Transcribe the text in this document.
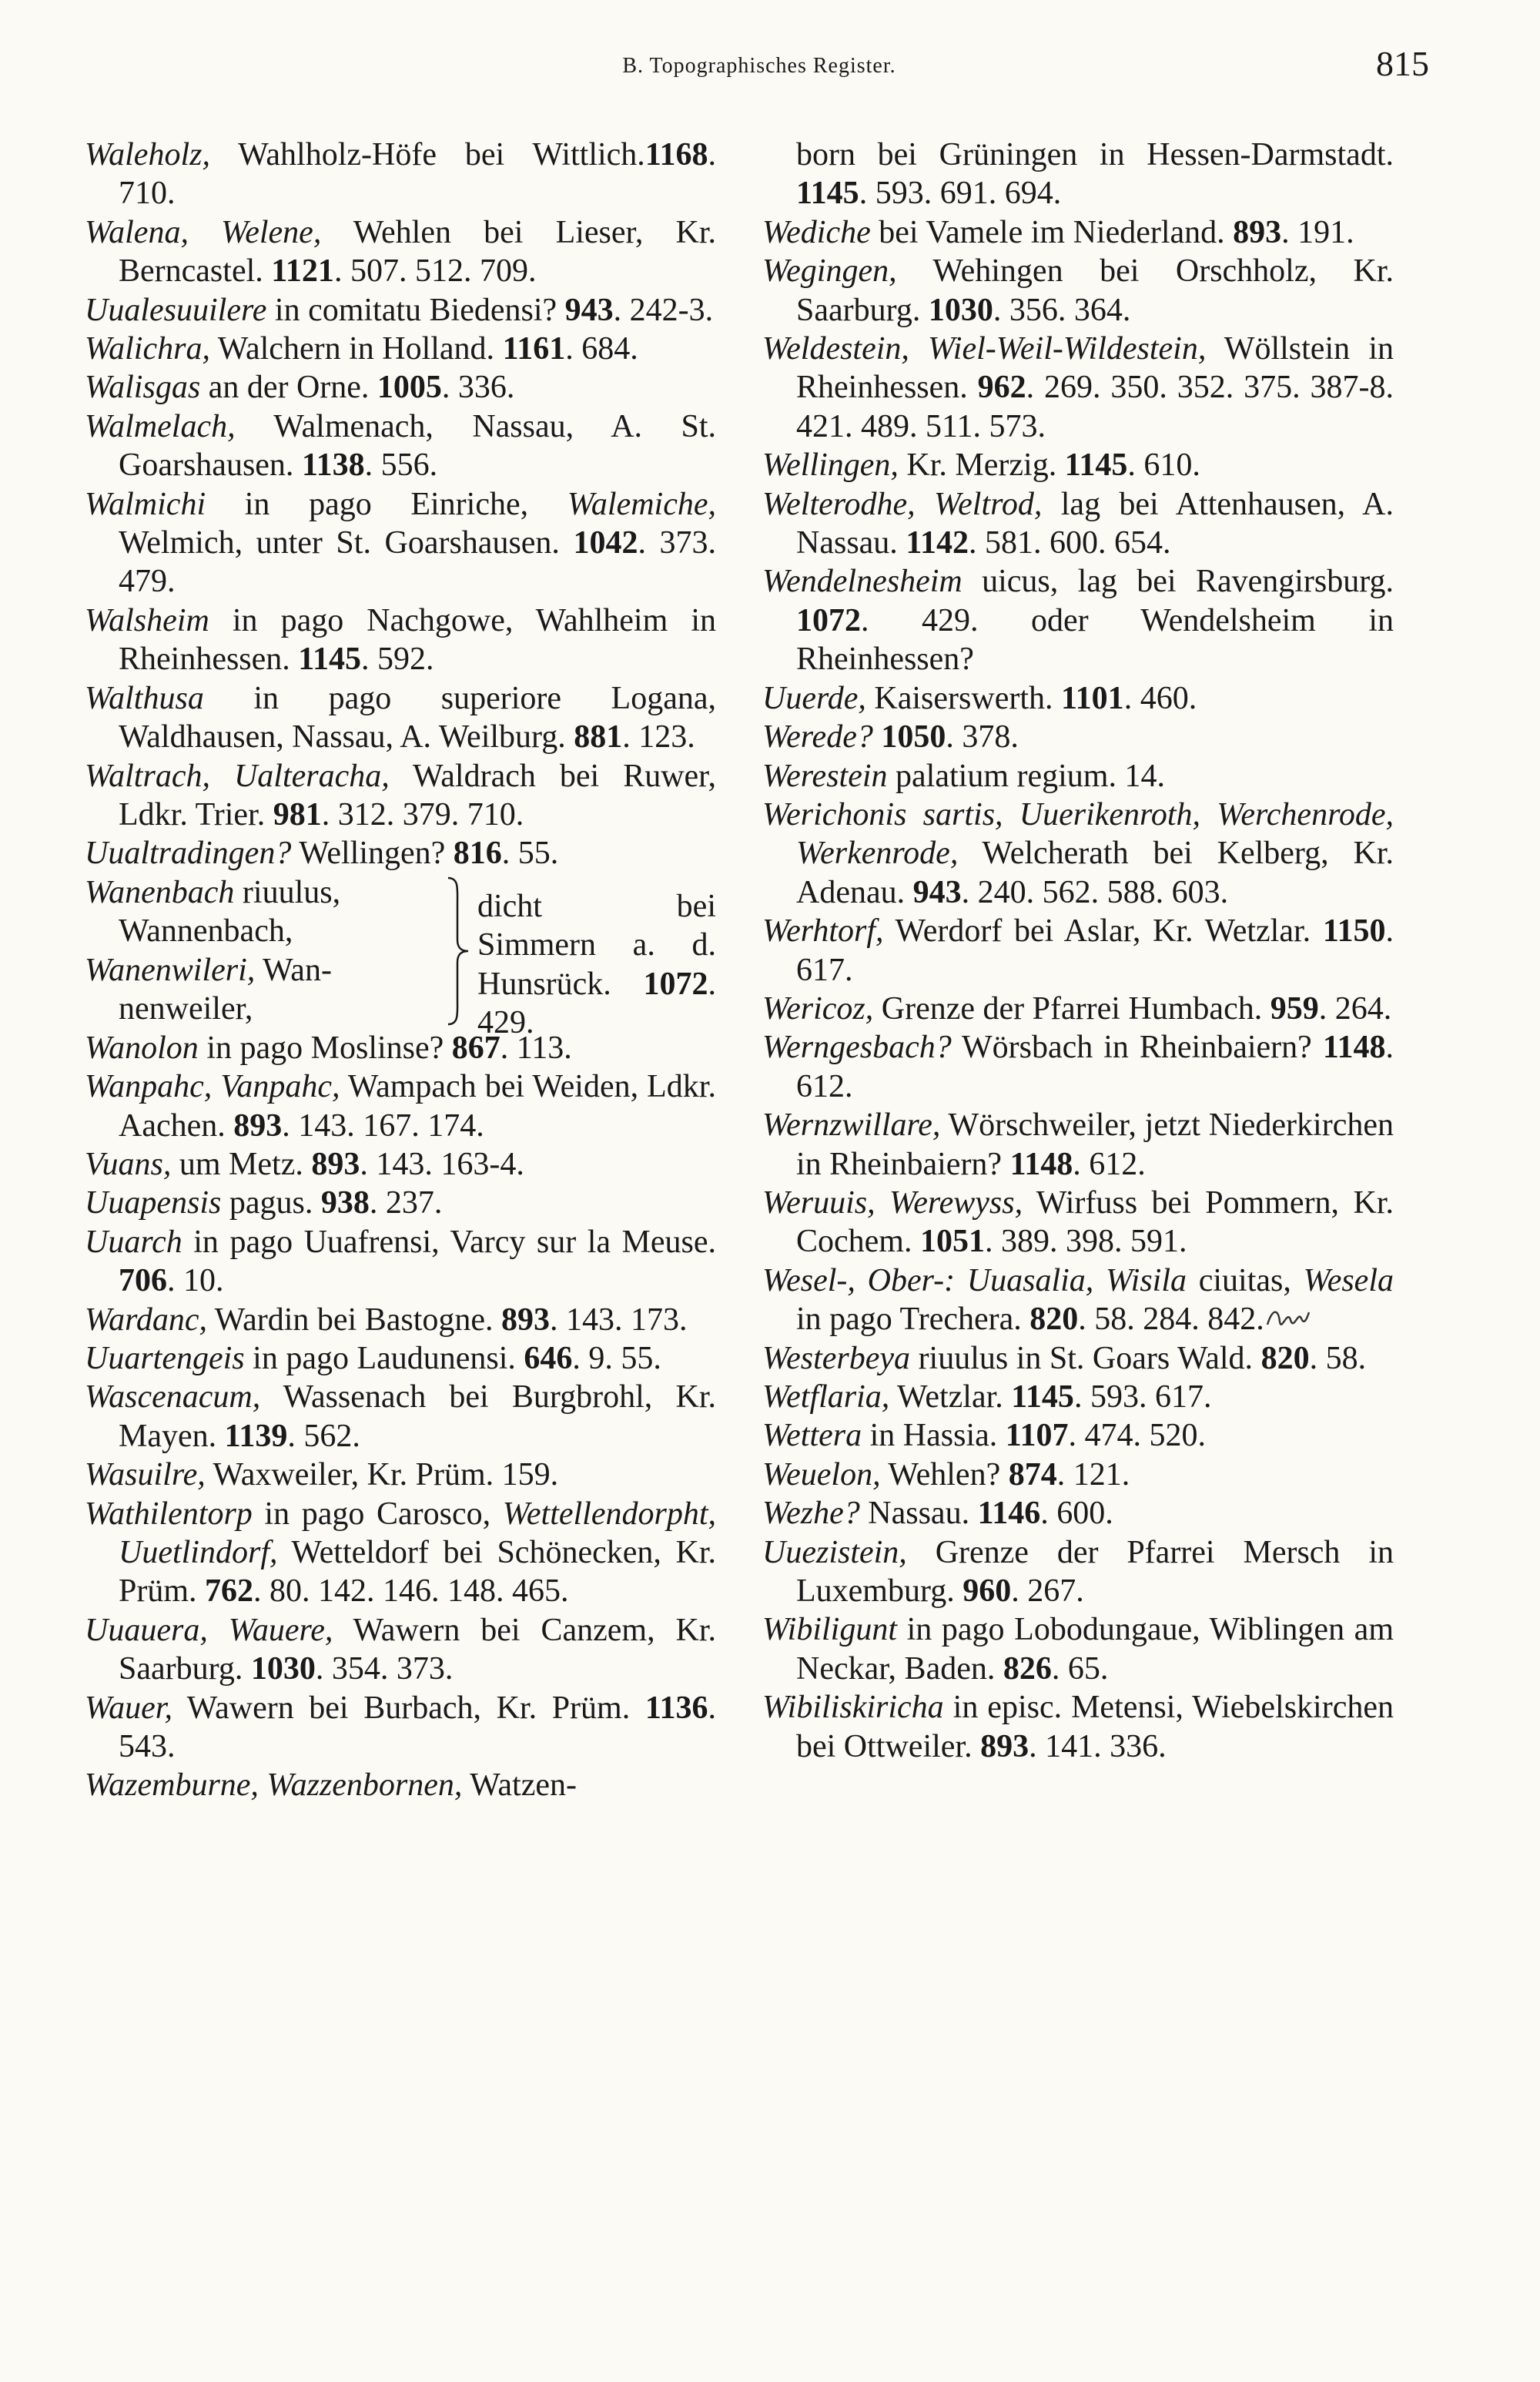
B. Topographisches Register.	815

Waleholz, Wahlholz-Höfe bei Wittlich.1168. 710.

Walena, Welene, Wehlen bei Lieser, Kr. Berncastel. 1121. 507. 512. 709.

Uualesuuilere in comitatu Biedensi? 943. 242-3.

Walichra, Walchern in Holland. 1161. 684.

Walisgas an der Orne. 1005. 336.

Walmelach, Walmenach, Nassau, A. St. Goarshausen. 1138. 556.

Walmichi in pago Einriche, Walemiche, Welmich, unter St. Goarshausen. 1042. 373. 479.

Walsheim in pago Nachgowe, Wahlheim in Rheinhessen. 1145. 592.

Walthusa in pago superiore Logana, Waldhausen, Nassau, A. Weilburg. 881. 123.

Waltrach, Ualteracha, Waldrach bei Ruwer, Ldkr. Trier. 981. 312. 379. 710.

Uualtradingen? Wellingen? 816. 55.

Wanenbach riuulus,
Wannenbach,
Wanenwileri, Wan-
nenweiler,
dicht bei Simmern a. d. Hunsrück. 1072. 429.

Wanolon in pago Moslinse? 867. 113.

Wanpahc, Vanpahc, Wampach bei Weiden, Ldkr. Aachen. 893. 143. 167. 174.

Vuans, um Metz. 893. 143. 163-4.

Uuapensis pagus. 938. 237.

Uuarch in pago Uuafrensi, Varcy sur la Meuse. 706. 10.

Wardanc, Wardin bei Bastogne. 893. 143. 173.

Uuartengeis in pago Laudunensi. 646. 9. 55.

Wascenacum, Wassenach bei Burgbrohl, Kr. Mayen. 1139. 562.

Wasuilre, Waxweiler, Kr. Prüm. 159.

Wathilentorp in pago Carosco, Wettellendorpht, Uuetlindorf, Wetteldorf bei Schönecken, Kr. Prüm. 762. 80. 142. 146. 148. 465.

Uuauera, Wauere, Wawern bei Canzem, Kr. Saarburg. 1030. 354. 373.

Wauer, Wawern bei Burbach, Kr. Prüm. 1136. 543.

Wazemburne, Wazzenbornen, Watzen-

born bei Grüningen in Hessen-Darmstadt. 1145. 593. 691. 694.

Wediche bei Vamele im Niederland. 893. 191.

Wegingen, Wehingen bei Orschholz, Kr. Saarburg. 1030. 356. 364.

Weldestein, Wiel-Weil-Wildestein, Wöllstein in Rheinhessen. 962. 269. 350. 352. 375. 387-8. 421. 489. 511. 573.

Wellingen, Kr. Merzig. 1145. 610.

Welterodhe, Weltrod, lag bei Attenhausen, A. Nassau. 1142. 581. 600. 654.

Wendelnesheim uicus, lag bei Ravengirsburg. 1072. 429. oder Wendelsheim in Rheinhessen?

Uuerde, Kaiserswerth. 1101. 460.

Werede? 1050. 378.

Werestein palatium regium. 14.

Werichonis sartis, Uuerikenroth, Werchenrode, Werkenrode, Welcherath bei Kelberg, Kr. Adenau. 943. 240. 562. 588. 603.

Werhtorf, Werdorf bei Aslar, Kr. Wetzlar. 1150. 617.

Wericoz, Grenze der Pfarrei Humbach. 959. 264.

Werngesbach? Wörsbach in Rheinbaiern? 1148. 612.

Wernzwillare, Wörschweiler, jetzt Niederkirchen in Rheinbaiern? 1148. 612.

Weruuis, Werewyss, Wirfuss bei Pommern, Kr. Cochem. 1051. 389. 398. 591.

Wesel-, Ober-: Uuasalia, Wisila ciuitas, Wesela in pago Trechera. 820. 58. 284. 842.

Westerbeya riuulus in St. Goars Wald. 820. 58.

Wetflaria, Wetzlar. 1145. 593. 617.

Wettera in Hassia. 1107. 474. 520.

Weuelon, Wehlen? 874. 121.

Wezhe? Nassau. 1146. 600.

Uuezistein, Grenze der Pfarrei Mersch in Luxemburg. 960. 267.

Wibiligunt in pago Lobodungaue, Wiblingen am Neckar, Baden. 826. 65.

Wibiliskiricha in episc. Metensi, Wiebelskirchen bei Ottweiler. 893. 141. 336.
